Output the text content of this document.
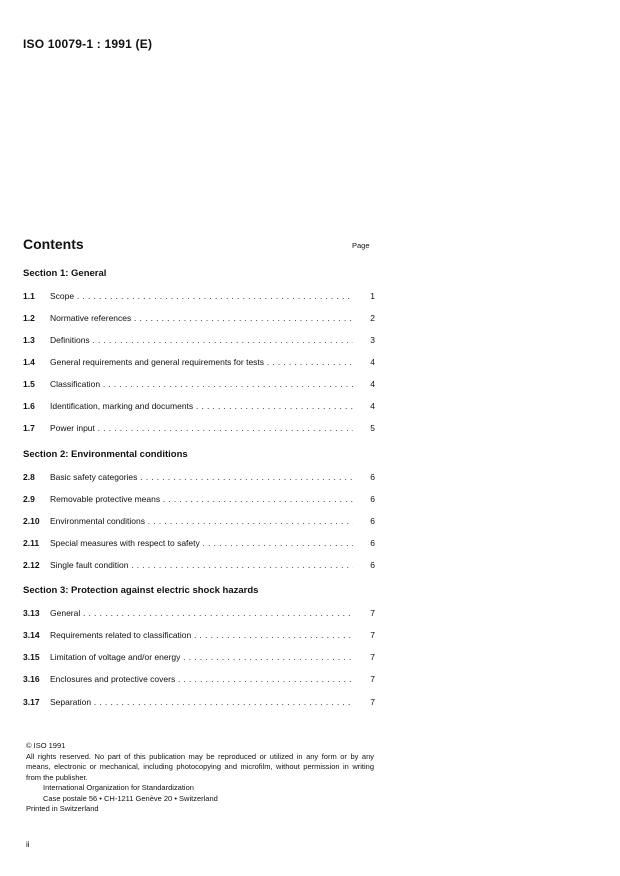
ISO 10079-1 : 1991 (E)
Contents	Page
Section 1: General
1.1 Scope . . .	1
1.2 Normative references . . .	2
1.3 Definitions . . .	3
1.4 General requirements and general requirements for tests . . .	4
1.5 Classification . . .	4
1.6 Identification, marking and documents . . .	4
1.7 Power input . . .	5
Section 2: Environmental conditions
2.8 Basic safety categories . . .	6
2.9 Removable protective means . . .	6
2.10 Environmental conditions . . .	6
2.11 Special measures with respect to safety . . .	6
2.12 Single fault condition . . .	6
Section 3: Protection against electric shock hazards
3.13 General . . .	7
3.14 Requirements related to classification . . .	7
3.15 Limitation of voltage and/or energy . . .	7
3.16 Enclosures and protective covers . . .	7
3.17 Separation . . .	7
© ISO 1991
All rights reserved. No part of this publication may be reproduced or utilized in any form or by any means, electronic or mechanical, including photocopying and microfilm, without permission in writing from the publisher.
International Organization for Standardization
Case postale 56 • CH-1211 Genève 20 • Switzerland
Printed in Switzerland
ii
